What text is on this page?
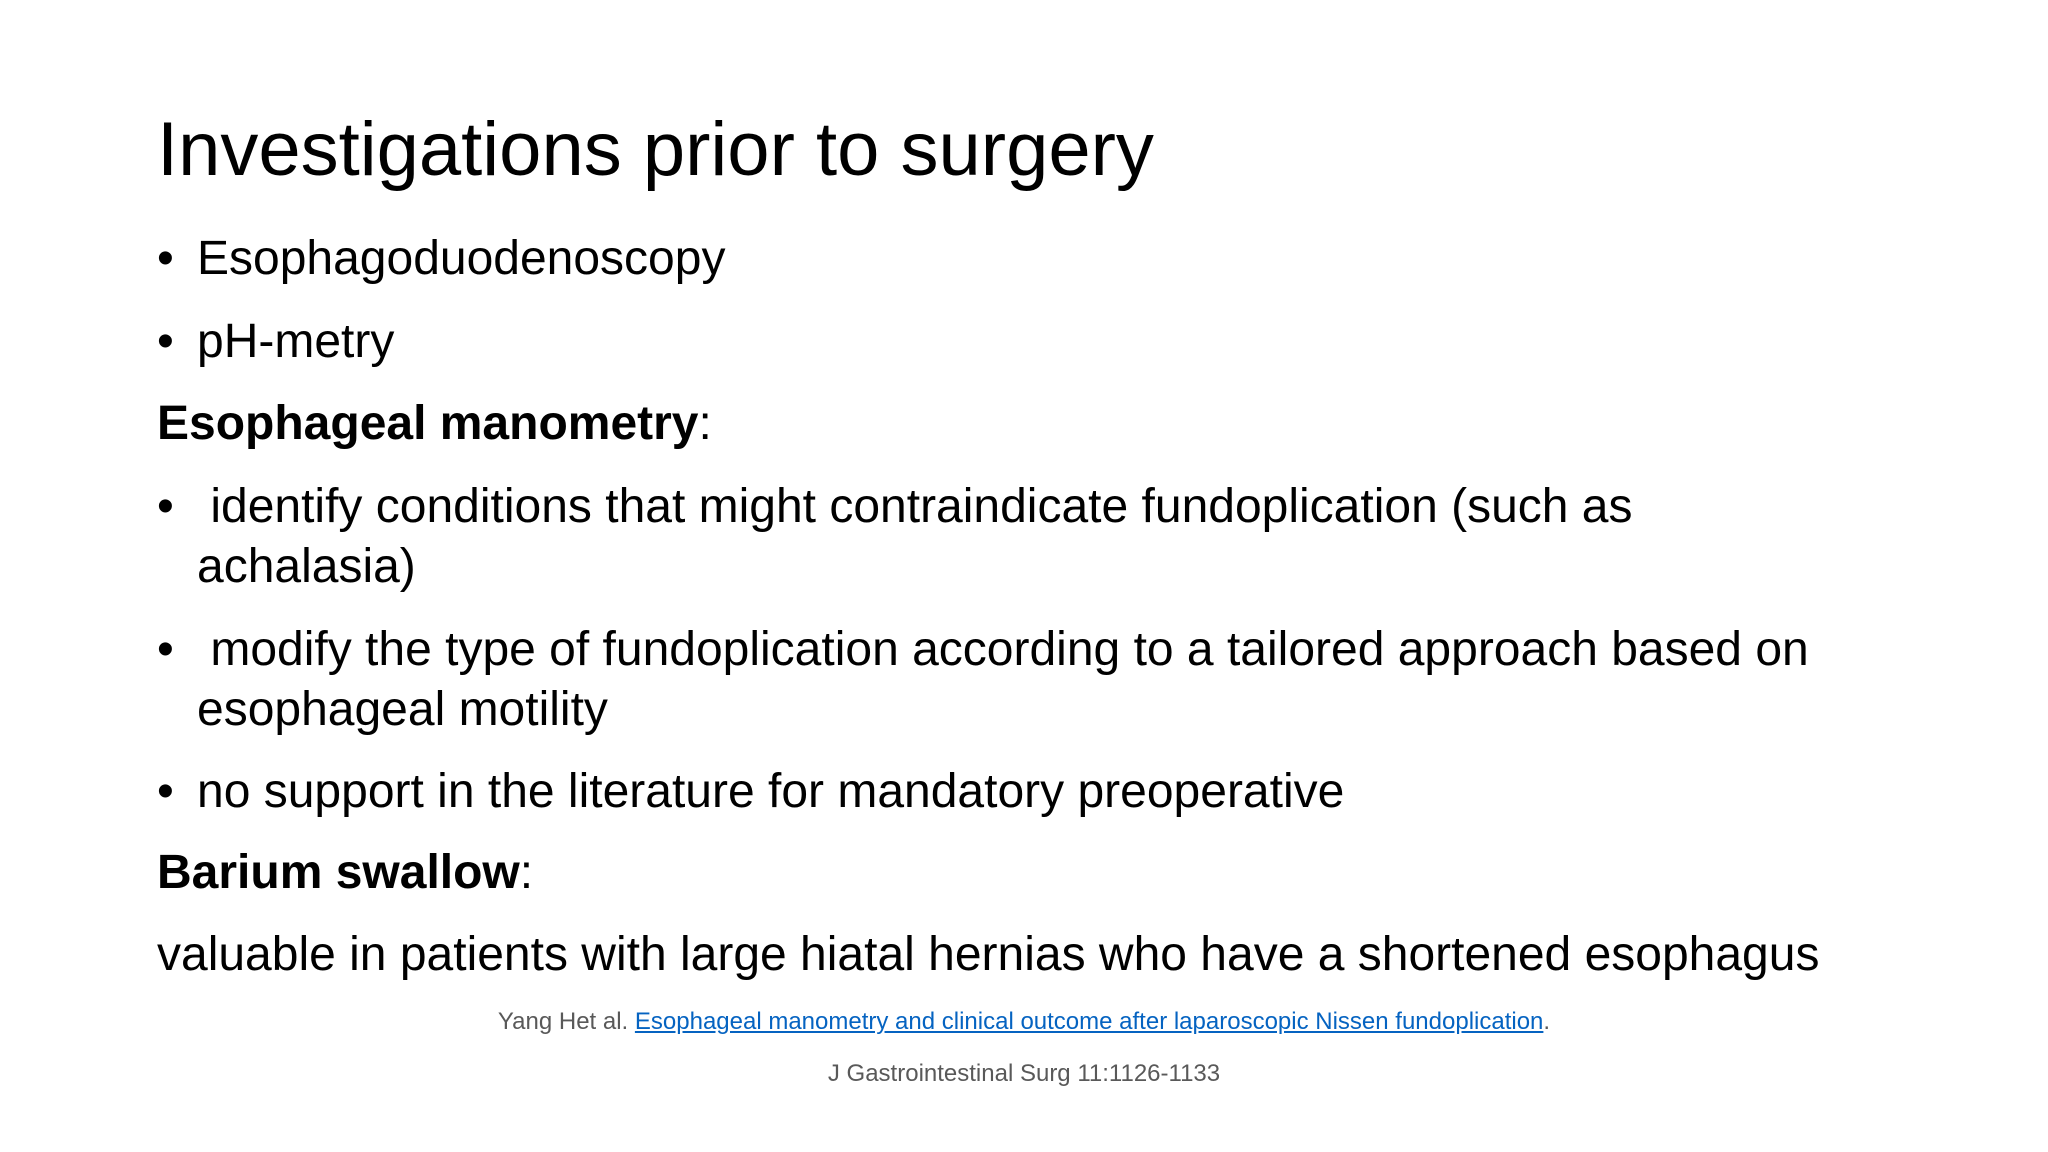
Investigations prior to surgery
• Esophagoduodenoscopy
• pH-metry
Esophageal manometry:
• identify conditions that might contraindicate fundoplication (such as
achalasia)
• modify the type of fundoplication according to a tailored approach based on
esophageal motility
• no support in the literature for mandatory preoperative
Barium swallow:
valuable in patients with large hiatal hernias who have a shortened esophagus
Yang Het al. Esophageal manometry and clinical outcome after laparoscopic Nissen fundoplication.
J Gastrointestinal Surg 11:1126-1133
